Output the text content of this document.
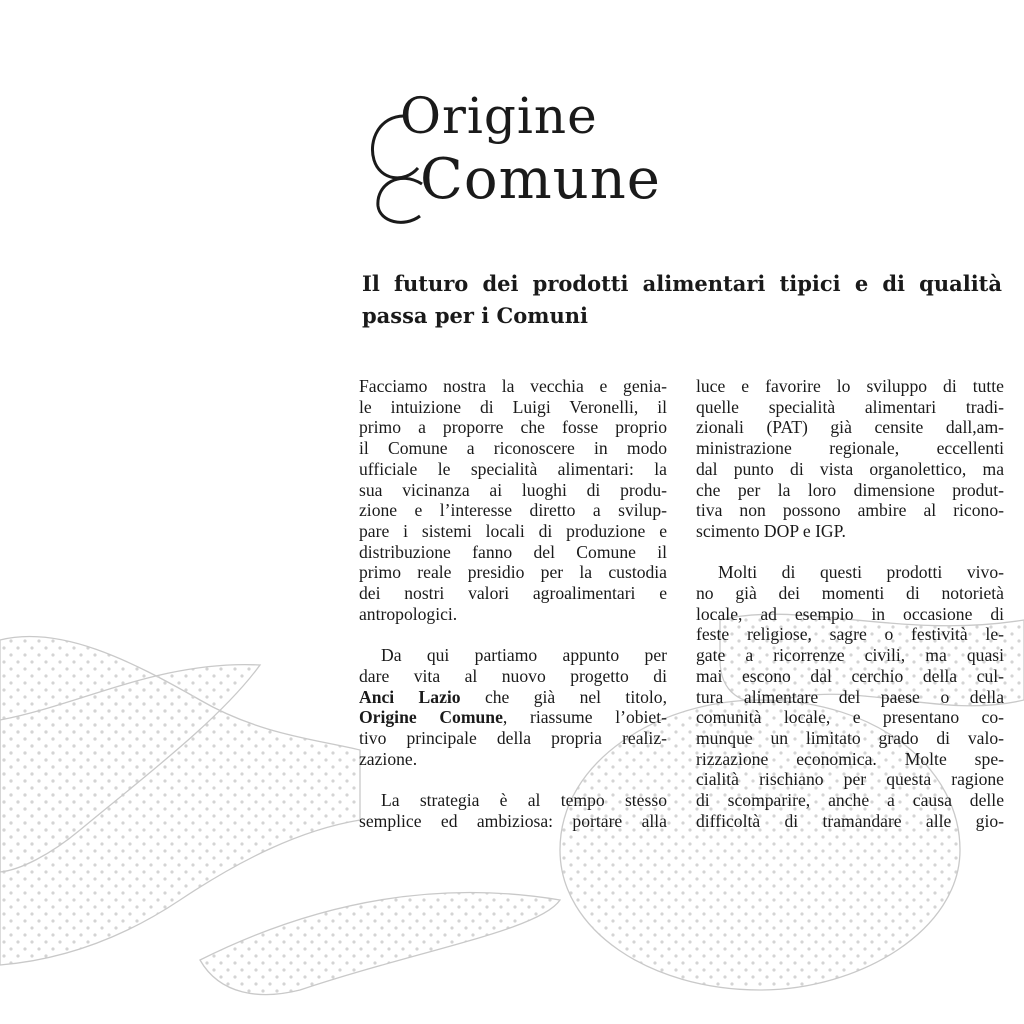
Origine
Comune
Il futuro dei prodotti alimentari tipici e di qualità
passa per i Comuni

Facciamo nostra la vecchia e genia-
le intuizione di Luigi Veronelli, il
primo a proporre che fosse proprio
il Comune a riconoscere in modo
ufficiale le specialità alimentari: la
sua vicinanza ai luoghi di produ-
zione e l’interesse diretto a svilup-
pare i sistemi locali di produzione e
distribuzione fanno del Comune il
primo reale presidio per la custodia
dei nostri valori agroalimentari e
antropologici.

Da qui partiamo appunto per
dare vita al nuovo progetto di
Anci Lazio che già nel titolo,
Origine Comune, riassume l’obiet-
tivo principale della propria realiz-
zazione.

La strategia è al tempo stesso
semplice ed ambiziosa: portare alla

luce e favorire lo sviluppo di tutte
quelle specialità alimentari tradi-
zionali (PAT) già censite dall,am-
ministrazione regionale, eccellenti
dal punto di vista organolettico, ma
che per la loro dimensione produt-
tiva non possono ambire al ricono-
scimento DOP e IGP.

Molti di questi prodotti vivo-
no già dei momenti di notorietà
locale, ad esempio in occasione di
feste religiose, sagre o festività le-
gate a ricorrenze civili, ma quasi
mai escono dal cerchio della cul-
tura alimentare del paese o della
comunità locale, e presentano co-
munque un limitato grado di valo-
rizzazione economica. Molte spe-
cialità rischiano per questa ragione
di scomparire, anche a causa delle
difficoltà di tramandare alle gio-
